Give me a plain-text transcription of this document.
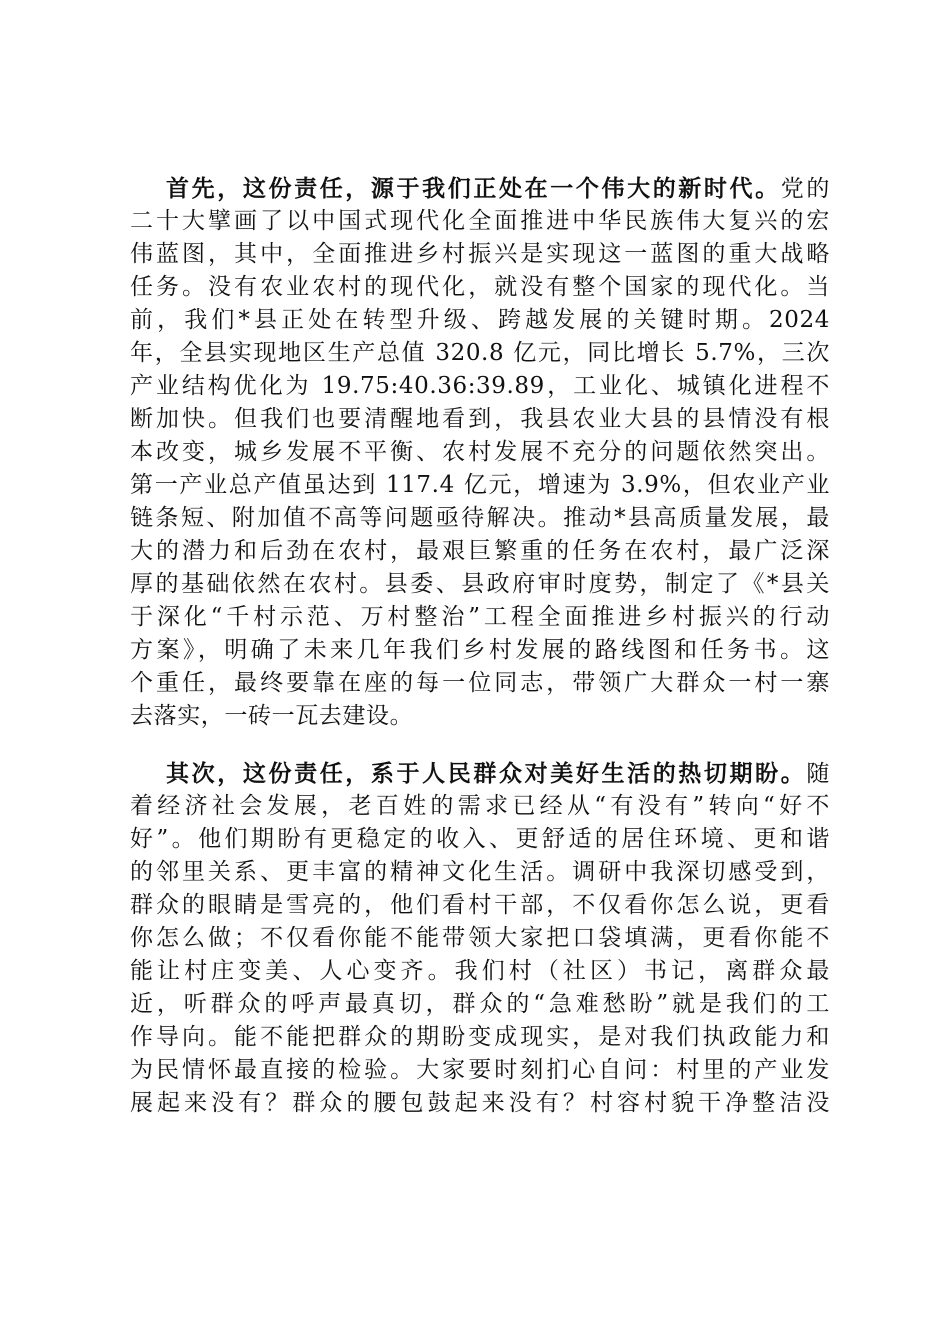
首先，这份责任，源于我们正处在一个伟大的新时代。党的
二十大擘画了以中国式现代化全面推进中华民族伟大复兴的宏
伟蓝图，其中，全面推进乡村振兴是实现这一蓝图的重大战略
任务。没有农业农村的现代化，就没有整个国家的现代化。当
前，我们*县正处在转型升级、跨越发展的关键时期。2024
年，全县实现地区生产总值 320.8 亿元，同比增长 5.7%，三次
产业结构优化为 19.75:40.36:39.89，工业化、城镇化进程不
断加快。但我们也要清醒地看到，我县农业大县的县情没有根
本改变，城乡发展不平衡、农村发展不充分的问题依然突出。
第一产业总产值虽达到 117.4 亿元，增速为 3.9%，但农业产业
链条短、附加值不高等问题亟待解决。推动*县高质量发展，最
大的潜力和后劲在农村，最艰巨繁重的任务在农村，最广泛深
厚的基础依然在农村。县委、县政府审时度势，制定了《*县关
于深化“千村示范、万村整治”工程全面推进乡村振兴的行动
方案》，明确了未来几年我们乡村发展的路线图和任务书。这
个重任，最终要靠在座的每一位同志，带领广大群众一村一寨
去落实，一砖一瓦去建设。
其次，这份责任，系于人民群众对美好生活的热切期盼。随
着经济社会发展，老百姓的需求已经从“有没有”转向“好不
好”。他们期盼有更稳定的收入、更舒适的居住环境、更和谐
的邻里关系、更丰富的精神文化生活。调研中我深切感受到，
群众的眼睛是雪亮的，他们看村干部，不仅看你怎么说，更看
你怎么做；不仅看你能不能带领大家把口袋填满，更看你能不
能让村庄变美、人心变齐。我们村（社区）书记，离群众最
近，听群众的呼声最真切，群众的“急难愁盼”就是我们的工
作导向。能不能把群众的期盼变成现实，是对我们执政能力和
为民情怀最直接的检验。大家要时刻扪心自问：村里的产业发
展起来没有？群众的腰包鼓起来没有？村容村貌干净整洁没
